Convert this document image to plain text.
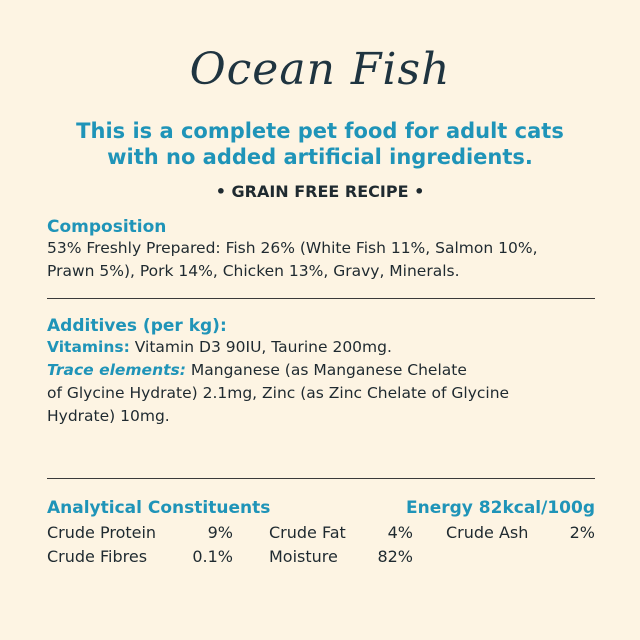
Ocean Fish
This is a complete pet food for adult cats
with no added artificial ingredients.
• GRAIN FREE RECIPE •
Composition
53% Freshly Prepared: Fish 26% (White Fish 11%, Salmon 10%,
Prawn 5%), Pork 14%, Chicken 13%, Gravy, Minerals.
Additives (per kg):
Vitamins: Vitamin D3 90IU, Taurine 200mg.
Trace elements: Manganese (as Manganese Chelate
of Glycine Hydrate) 2.1mg, Zinc (as Zinc Chelate of Glycine
Hydrate) 10mg.
Analytical Constituents	Energy 82kcal/100g
Crude Protein	9% Crude Fat	4% Crude Ash	2%
Crude Fibres	0.1% Moisture 82%
